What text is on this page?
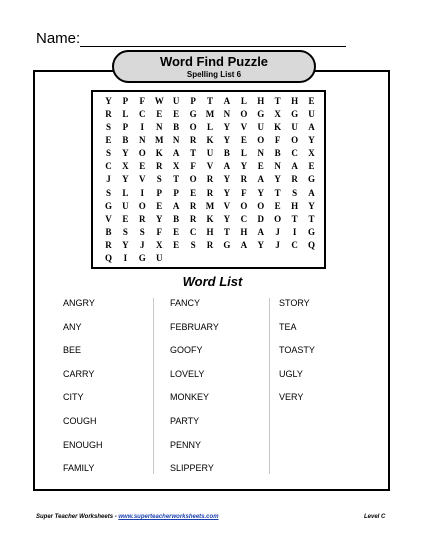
Name:
Word Find Puzzle
Spelling List 6
Y	P	F	W	U	P	T	A	L	H	T	H	E
R	L	C	E	E	G	M	N	O	G	X	G	U
S	P	I	N	B	O	L	Y	V	U	K	U	A
E	B	N	M	N	R	K	Y	E	O	F	O	Y
S	Y	O	K	A	T	U	B	L	N	B	C	X
C	X	E	R	X	F	V	A	Y	E	N	A	E
J	Y	V	S	T	O	R	Y	R	A	Y	R	G
S	L	I	P	P	E	R	Y	F	Y	T	S	A
G	U	O	E	A	R	M	V	O	O	E	H	Y
V	E	R	Y	B	R	K	Y	C	D	O	T	T
B	S	S	F	E	C	H	T	H	A	J	I	G
R	Y	J	X	E	S	R	G	A	Y	J	C	Q
Q	I	G	U
Word List
ANGRY
ANY
BEE
CARRY
CITY
COUGH
ENOUGH
FAMILY
FANCY
FEBRUARY
GOOFY
LOVELY
MONKEY
PARTY
PENNY
SLIPPERY
STORY
TEA
TOASTY
UGLY
VERY
Super Teacher Worksheets - www.superteacherworksheets.com	Level C
